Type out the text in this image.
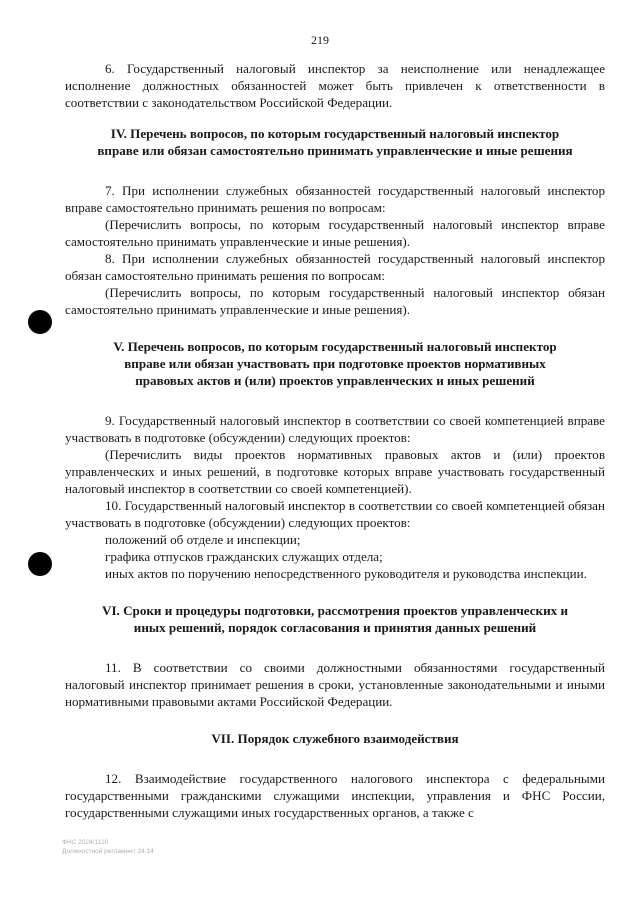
219

6. Государственный налоговый инспектор за неисполнение или ненадлежащее исполнение должностных обязанностей может быть привлечен к ответственности в соответствии с законодательством Российской Федерации.

IV. Перечень вопросов, по которым государственный налоговый инспектор
вправе или обязан самостоятельно принимать управленческие и иные решения

7. При исполнении служебных обязанностей государственный налоговый инспектор вправе самостоятельно принимать решения по вопросам:

(Перечислить вопросы, по которым государственный налоговый инспектор вправе самостоятельно принимать управленческие и иные решения).

8. При исполнении служебных обязанностей государственный налоговый инспектор обязан самостоятельно принимать решения по вопросам:

(Перечислить вопросы, по которым государственный налоговый инспектор обязан самостоятельно принимать управленческие и иные решения).

V. Перечень вопросов, по которым государственный налоговый инспектор
вправе или обязан участвовать при подготовке проектов нормативных
правовых актов и (или) проектов управленческих и иных решений

9. Государственный налоговый инспектор в соответствии со своей компетенцией вправе участвовать в подготовке (обсуждении) следующих проектов:

(Перечислить виды проектов нормативных правовых актов и (или) проектов управленческих и иных решений, в подготовке которых вправе участвовать государственный налоговый инспектор в соответствии со своей компетенцией).

10. Государственный налоговый инспектор в соответствии со своей компетенцией обязан участвовать в подготовке (обсуждении) следующих проектов:

положений об отделе и инспекции;

графика отпусков гражданских служащих отдела;

иных актов по поручению непосредственного руководителя и руководства инспекции.

VI. Сроки и процедуры подготовки, рассмотрения проектов управленческих и
иных решений, порядок согласования и принятия данных решений

11. В соответствии со своими должностными обязанностями государственный налоговый инспектор принимает решения в сроки, установленные законодательными и иными нормативными правовыми актами Российской Федерации.

VII. Порядок служебного взаимодействия

12. Взаимодействие государственного налогового инспектора с федеральными государственными гражданскими служащими инспекции, управления и ФНС России, государственными служащими иных государственных органов, а также с

ФНС 2024/1120
Должностной регламент 24.14
